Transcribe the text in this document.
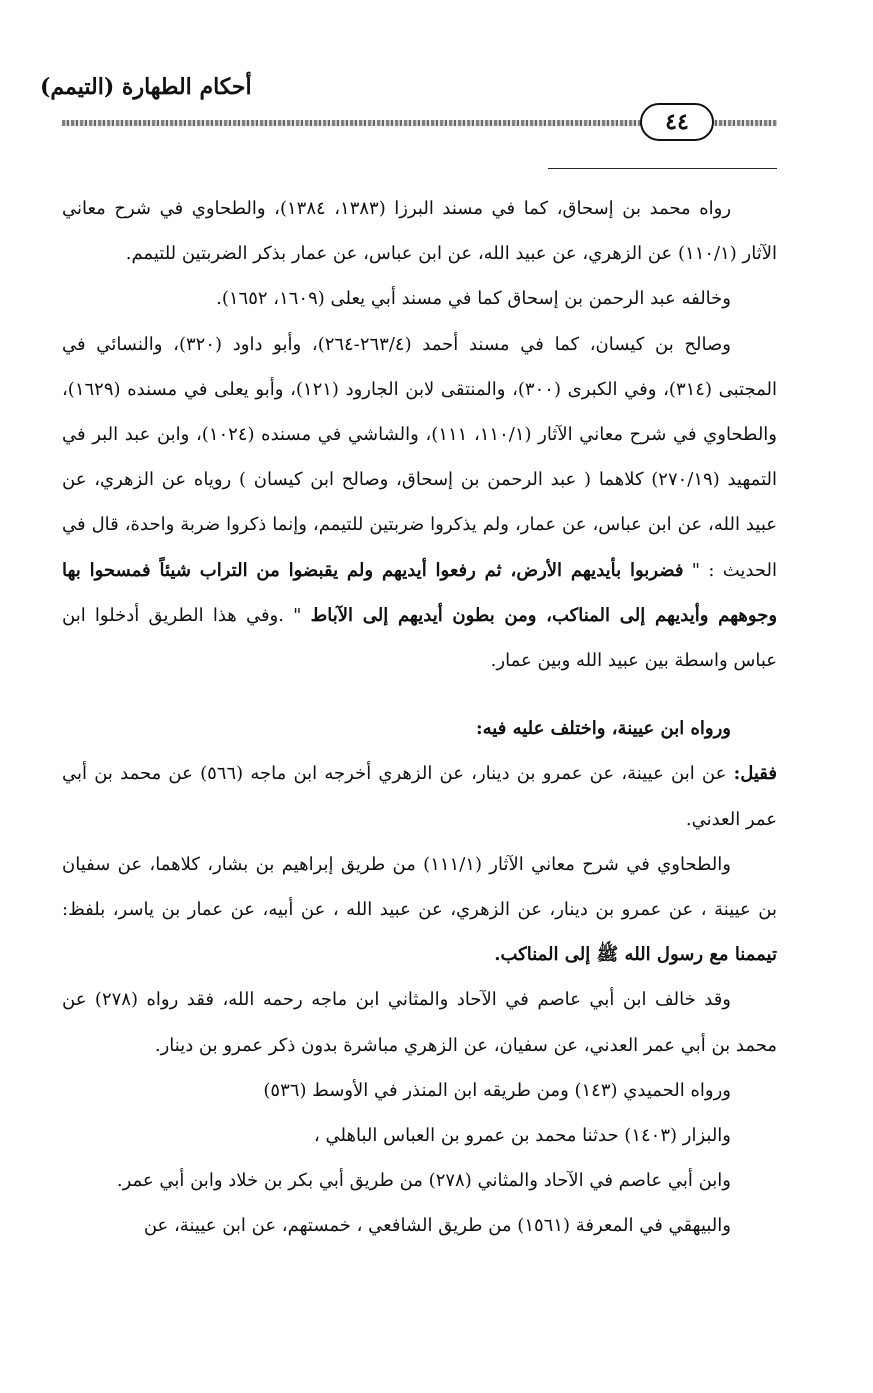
أحكام الطهارة (التيمم)
٤٤

رواه محمد بن إسحاق، كما في مسند البرزا (١٣٨٣، ١٣٨٤)، والطحاوي في شرح معاني الآثار (١١٠/١) عن الزهري، عن عبيد الله، عن ابن عباس، عن عمار بذكر الضربتين للتيمم.

وخالفه عبد الرحمن بن إسحاق كما في مسند أبي يعلى (١٦٠٩، ١٦٥٢).

وصالح بن كيسان، كما في مسند أحمد (٢٦٣/٤-٢٦٤)، وأبو داود (٣٢٠)، والنسائي في المجتبى (٣١٤)، وفي الكبرى (٣٠٠)، والمنتقى لابن الجارود (١٢١)، وأبو يعلى في مسنده (١٦٢٩)، والطحاوي في شرح معاني الآثار (١١٠/١، ١١١)، والشاشي في مسنده (١٠٢٤)، وابن عبد البر في التمهيد (٢٧٠/١٩) كلاهما ( عبد الرحمن بن إسحاق، وصالح ابن كيسان ) روياه عن الزهري، عن عبيد الله، عن ابن عباس، عن عمار، ولم يذكروا ضربتين للتيمم، وإنما ذكروا ضربة واحدة، قال في الحديث : " فضربوا بأيديهم الأرض، ثم رفعوا أيديهم ولم يقبضوا من التراب شيئاً فمسحوا بها وجوههم وأيديهم إلى المناكب، ومن بطون أيديهم إلى الآباط " .وفي هذا الطريق أدخلوا ابن عباس واسطة بين عبيد الله وبين عمار.

ورواه ابن عيينة، واختلف عليه فيه:

فقيل: عن ابن عيينة، عن عمرو بن دينار، عن الزهري أخرجه ابن ماجه (٥٦٦) عن محمد بن أبي عمر العدني.

والطحاوي في شرح معاني الآثار (١١١/١) من طريق إبراهيم بن بشار، كلاهما، عن سفيان بن عيينة ، عن عمرو بن دينار، عن الزهري، عن عبيد الله ، عن أبيه، عن عمار بن ياسر، بلفظ: تيممنا مع رسول الله ﷺ إلى المناكب.

وقد خالف ابن أبي عاصم في الآحاد والمثاني ابن ماجه رحمه الله، فقد رواه (٢٧٨) عن محمد بن أبي عمر العدني، عن سفيان، عن الزهري مباشرة بدون ذكر عمرو بن دينار.

ورواه الحميدي (١٤٣) ومن طريقه ابن المنذر في الأوسط (٥٣٦)

والبزار (١٤٠٣) حدثنا محمد بن عمرو بن العباس الباهلي ،

وابن أبي عاصم في الآحاد والمثاني (٢٧٨) من طريق أبي بكر بن خلاد وابن أبي عمر.

والبيهقي في المعرفة (١٥٦١) من طريق الشافعي ، خمستهم، عن ابن عيينة، عن
